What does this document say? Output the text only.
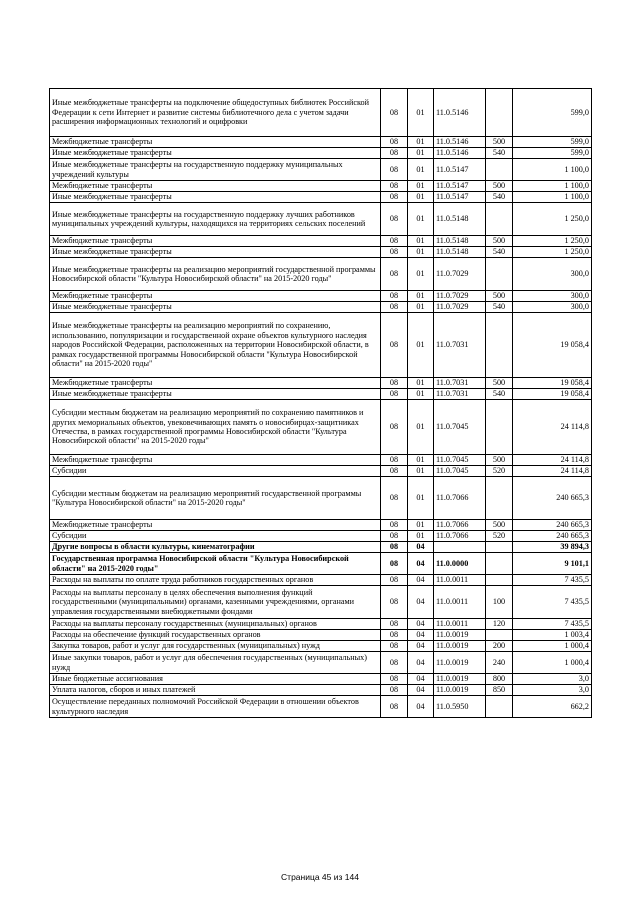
Иные межбюджетные трансферты на подключение общедоступных библиотек Российской Федерации к сети Интернет и развитие системы библиотечного дела с учетом задачи расширения информационных технологий и оцифровки	08	01	11.0.5146		599,0
Межбюджетные трансферты	08	01	11.0.5146	500	599,0
Иные межбюджетные трансферты	08	01	11.0.5146	540	599,0
Иные межбюджетные трансферты на государственную поддержку муниципальных учреждений культуры	08	01	11.0.5147		1 100,0
Межбюджетные трансферты	08	01	11.0.5147	500	1 100,0
Иные межбюджетные трансферты	08	01	11.0.5147	540	1 100,0
Иные межбюджетные трансферты на государственную поддержку лучших работников муниципальных учреждений культуры, находящихся на территориях сельских поселений	08	01	11.0.5148		1 250,0
Межбюджетные трансферты	08	01	11.0.5148	500	1 250,0
Иные межбюджетные трансферты	08	01	11.0.5148	540	1 250,0
Иные межбюджетные трансферты на реализацию мероприятий государственной программы Новосибирской области "Культура Новосибирской области" на 2015-2020 годы"	08	01	11.0.7029		300,0
Межбюджетные трансферты	08	01	11.0.7029	500	300,0
Иные межбюджетные трансферты	08	01	11.0.7029	540	300,0
Иные межбюджетные трансферты на реализацию мероприятий по сохранению, использованию, популяризации и государственной охране объектов культурного наследия народов Российской Федерации, расположенных на территории Новосибирской области, в рамках государственной программы Новосибирской области "Культура Новосибирской области" на 2015-2020 годы"	08	01	11.0.7031		19 058,4
Межбюджетные трансферты	08	01	11.0.7031	500	19 058,4
Иные межбюджетные трансферты	08	01	11.0.7031	540	19 058,4
Субсидии местным бюджетам на реализацию мероприятий по сохранению памятников и других мемориальных объектов, увековечивающих память о новосибирцах-защитниках Отечества, в рамках государственной программы Новосибирской области "Культура Новосибирской области" на 2015-2020 годы"	08	01	11.0.7045		24 114,8
Межбюджетные трансферты	08	01	11.0.7045	500	24 114,8
Субсидии	08	01	11.0.7045	520	24 114,8
Субсидии местным бюджетам на реализацию мероприятий государственной программы "Культура Новосибирской области" на 2015-2020 годы"	08	01	11.0.7066		240 665,3
Межбюджетные трансферты	08	01	11.0.7066	500	240 665,3
Субсидии	08	01	11.0.7066	520	240 665,3
Другие вопросы в области культуры, кинематографии	08	04			39 894,3
Государственная программа Новосибирской области "Культура Новосибирской области" на 2015-2020 годы"	08	04	11.0.0000		9 101,1
Расходы на выплаты по оплате труда работников государственных органов	08	04	11.0.0011		7 435,5
Расходы на выплаты персоналу в целях обеспечения выполнения функций государственными (муниципальными) органами, казенными учреждениями, органами управления государственными внебюджетными фондами	08	04	11.0.0011	100	7 435,5
Расходы на выплаты персоналу государственных (муниципальных) органов	08	04	11.0.0011	120	7 435,5
Расходы на обеспечение функций государственных органов	08	04	11.0.0019		1 003,4
Закупка товаров, работ и услуг для государственных (муниципальных) нужд	08	04	11.0.0019	200	1 000,4
Иные закупки товаров, работ и услуг для обеспечения государственных (муниципальных) нужд	08	04	11.0.0019	240	1 000,4
Иные бюджетные ассигнования	08	04	11.0.0019	800	3,0
Уплата налогов, сборов и иных платежей	08	04	11.0.0019	850	3,0
Осуществление переданных полномочий Российской Федерации в отношении объектов культурного наследия	08	04	11.0.5950		662,2
Страница 45 из 144
